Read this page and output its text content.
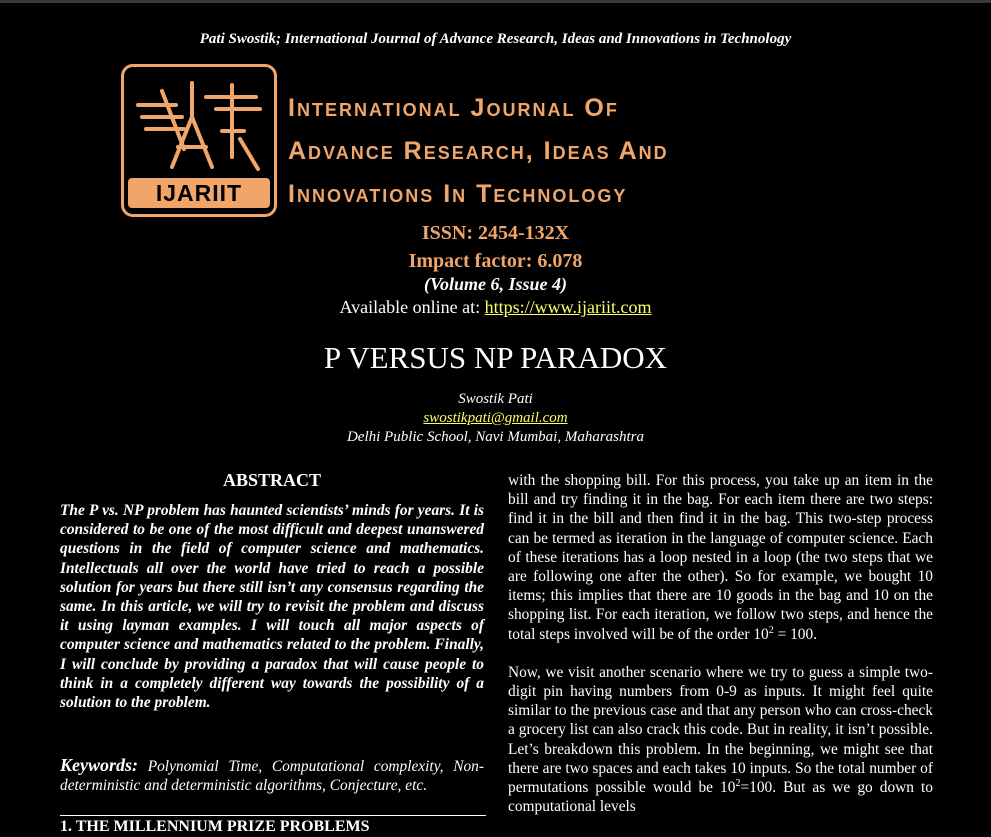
Pati Swostik; International Journal of Advance Research, Ideas and Innovations in Technology
IJARIIT
International Journal Of
Advance Research, Ideas And
Innovations In Technology
ISSN: 2454-132X
Impact factor: 6.078
(Volume 6, Issue 4)
Available online at: https://www.ijariit.com
P VERSUS NP PARADOX
Swostik Pati
swostikpati@gmail.com
Delhi Public School, Navi Mumbai, Maharashtra
ABSTRACT

The P vs. NP problem has haunted scientists’ minds for years. It is considered to be one of the most difficult and deepest unanswered questions in the field of computer science and mathematics. Intellectuals all over the world have tried to reach a possible solution for years but there still isn’t any consensus regarding the same. In this article, we will try to revisit the problem and discuss it using layman examples. I will touch all major aspects of computer science and mathematics related to the problem. Finally, I will conclude by providing a paradox that will cause people to think in a completely different way towards the possibility of a solution to the problem.

Keywords: Polynomial Time, Computational complexity, Non-deterministic and deterministic algorithms, Conjecture, etc.
1. THE MILLENNIUM PRIZE PROBLEMS

with the shopping bill. For this process, you take up an item in the bill and try finding it in the bag. For each item there are two steps: find it in the bill and then find it in the bag. This two-step process can be termed as iteration in the language of computer science. Each of these iterations has a loop nested in a loop (the two steps that we are following one after the other). So for example, we bought 10 items; this implies that there are 10 goods in the bag and 10 on the shopping list. For each iteration, we follow two steps, and hence the total steps involved will be of the order $10^2 = 100$.

Now, we visit another scenario where we try to guess a simple two-digit pin having numbers from 0-9 as inputs. It might feel quite similar to the previous case and that any person who can cross-check a grocery list can also crack this code. But in reality, it isn’t possible. Let’s breakdown this problem. In the beginning, we might see that there are two spaces and each takes 10 inputs. So the total number of permutations possible would be $10^2=100$. But as we go down to computational levels
